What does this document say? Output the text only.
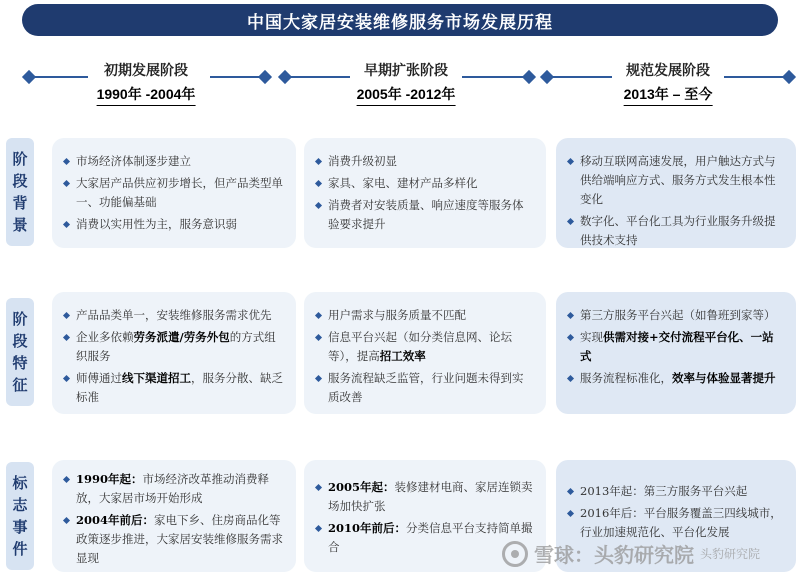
中国大家居安装维修服务市场发展历程
初期发展阶段
1990年 -2004年
早期扩张阶段
2005年 -2012年
规范发展阶段
2013年 – 至今
阶
段
背
景
阶
段
特
征
标
志
事
件
市场经济体制逐步建立
大家居产品供应初步增长，但产品类型单一、功能偏基础
消费以实用性为主，服务意识弱
消费升级初显
家具、家电、建材产品多样化
消费者对安装质量、响应速度等服务体验要求提升
移动互联网高速发展，用户触达方式与供给端响应方式、服务方式发生根本性变化
数字化、平台化工具为行业服务升级提供技术支持
产品品类单一，安装维修服务需求优先
企业多依赖劳务派遣/劳务外包的方式组织服务
师傅通过线下渠道招工，服务分散、缺乏标准
用户需求与服务质量不匹配
信息平台兴起（如分类信息网、论坛等），提高招工效率
服务流程缺乏监管，行业问题未得到实质改善
第三方服务平台兴起（如鲁班到家等）
实现供需对接+交付流程平台化、一站式
服务流程标准化，效率与体验显著提升
1990年起：市场经济改革推动消费释放，大家居市场开始形成
2004年前后：家电下乡、住房商品化等政策逐步推进，大家居安装维修服务需求显现
2005年起：装修建材电商、家居连锁卖场加快扩张
2010年前后：分类信息平台支持简单撮合
2013年起：第三方服务平台兴起
2016年后：平台服务覆盖三四线城市，行业加速规范化、平台化发展
雪球：头豹研究院 头豹研究院
